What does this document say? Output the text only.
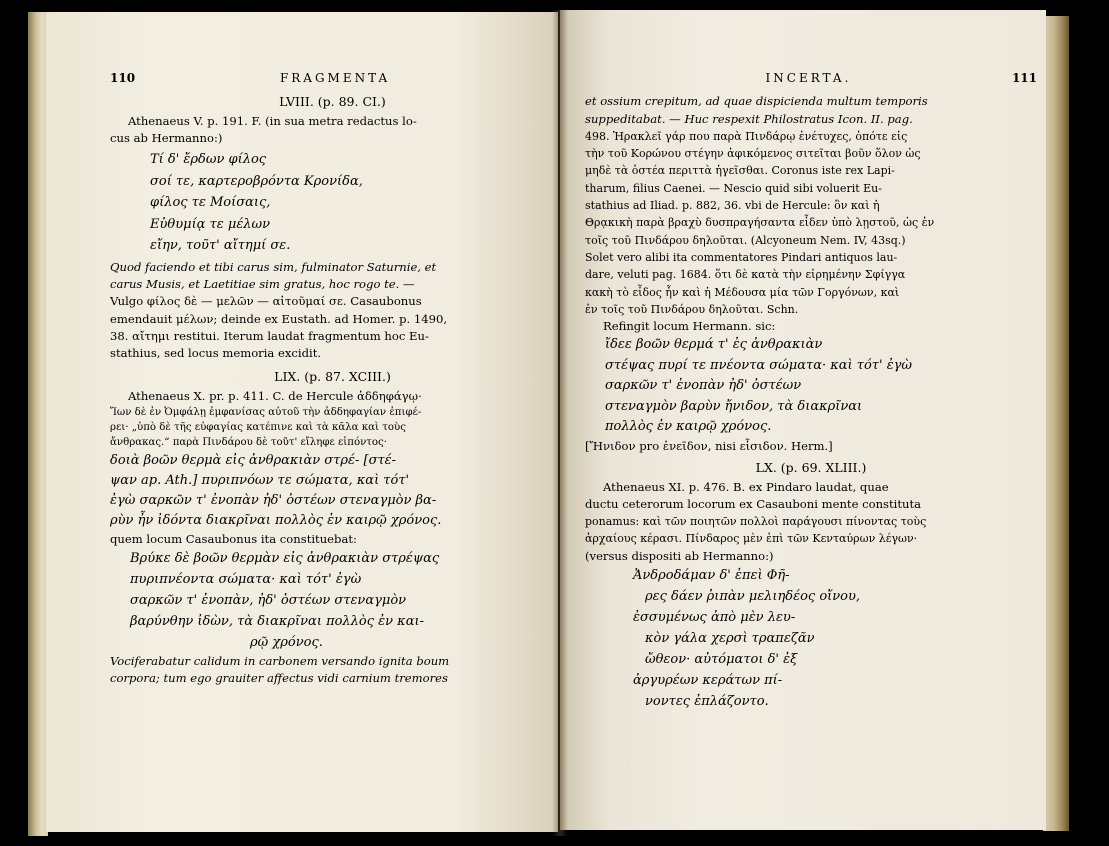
110	FRAGMENTA
LVIII. (p. 89. CI.)
Athenaeus V. p. 191. F. (in sua metra redactus lo-
cus ab Hermanno:)
Τί δ' ἔρδων φίλος
σοί τε, καρτεροβρόντα Κρονίδα,
φίλος τε Μοίσαις,
Εὐθυμίᾳ τε μέλων
εἴην, τοῦτ' αἴτημί σε.
Quod faciendo et tibi carus sim, fulminator Saturnie, et
carus Musis, et Laetitiae sim gratus, hoc rogo te. —
Vulgo φίλος δὲ — μελῶν — αἰτοῦμαί σε. Casaubonus
emendauit μέλων; deinde ex Eustath. ad Homer. p. 1490,
38. αἴτημι restitui. Iterum laudat fragmentum hoc Eu-
stathius, sed locus memoria excidit.
LIX. (p. 87. XCIII.)
Athenaeus X. pr. p. 411. C. de Hercule ἀδδηφάγῳ·
Ἴων δὲ ἐν Ὀμφάλῃ ἐμφανίσας αὐτοῦ τὴν ἀδδηφαγίαν ἐπιφέ-
ρει· „ὑπὸ δὲ τῆς εὐφαγίας κατέπινε καὶ τὰ κᾶλα καὶ τοὺς
ἄνθρακας.“ παρὰ Πινδάρου δὲ τοῦτ' εἴληφε εἰπόντος·
δοιὰ βοῶν θερμὰ εἰς ἀνθρακιὰν στρέ- [στέ-
ψαν ap. Ath.] πυριπνόων τε σώματα, καὶ τότ'
ἐγὼ σαρκῶν τ' ἐνοπὰν ἠδ' ὀστέων στεναγμὸν βα-
ρὺν ἦν ἰδόντα διακρῖναι πολλὸς ἐν καιρῷ χρόνος.
quem locum Casaubonus ita constituebat:
Βρύκε δὲ βοῶν θερμὰν εἰς ἀνθρακιὰν στρέψας
πυριπνέοντα σώματα· καὶ τότ' ἐγὼ
σαρκῶν τ' ἐνοπὰν, ἠδ' ὀστέων στεναγμὸν
βαρύνθην ἰδὼν, τὰ διακρῖναι πολλὸς ἐν και-
ρῷ χρόνος.
Vociferabatur calidum in carbonem versando ignita boum
corpora; tum ego grauiter affectus vidi carnium tremores
INCERTA.	111
et ossium crepitum, ad quae dispicienda multum temporis
suppeditabat. — Huc respexit Philostratus Icon. II. pag.
498. Ἡρακλεῖ γάρ που παρὰ Πινδάρῳ ἐνέτυχες, ὁπότε εἰς
τὴν τοῦ Κορώνου στέγην ἀφικόμενος σιτεῖται βοῦν ὅλον ὡς
μηδὲ τὰ ὀστέα περιττὰ ἡγεῖσθαι. Coronus iste rex Lapi-
tharum, filius Caenei. — Nescio quid sibi voluerit Eu-
stathius ad Iliad. p. 882, 36. vbi de Hercule: ὃν καὶ ἡ
Θρᾳκικὴ παρὰ βραχὺ δυσπραγήσαντα εἶδεν ὑπὸ λῃστοῦ, ὡς ἐν
τοῖς τοῦ Πινδάρου δηλοῦται. (Alcyoneum Nem. IV, 43sq.)
Solet vero alibi ita commentatores Pindari antiquos lau-
dare, veluti pag. 1684. ὅτι δὲ κατὰ τὴν εἰρημένην Σφίγγα
κακὴ τὸ εἶδος ἦν καὶ ἡ Μέδουσα μία τῶν Γοργόνων, καὶ
ἐν τοῖς τοῦ Πινδάρου δηλοῦται. Schn.
Refingit locum Hermann. sic:
ἴδεε βοῶν θερμά τ' ἐς ἀνθρακιὰν
στέψας πυρί τε πνέοντα σώματα· καὶ τότ' ἐγὼ
σαρκῶν τ' ἐνοπὰν ἠδ' ὀστέων
στεναγμὸν βαρὺν ἤνιδον, τὰ διακρῖναι
πολλὸς ἐν καιρῷ χρόνος.
[Ἤνιδον pro ἐνεῖδον, nisi εἶσιδον. Herm.]
LX. (p. 69. XLIII.)
Athenaeus XI. p. 476. B. ex Pindaro laudat, quae
ductu ceterorum locorum ex Casauboni mente constituta
ponamus: καὶ τῶν ποιητῶν πολλοὶ παράγουσι πίνοντας τοὺς
ἀρχαίους κέρασι. Πίνδαρος μὲν ἐπὶ τῶν Κενταύρων λέγων·
(versus dispositi ab Hermanno:)
Ἀνδροδάμαν δ' ἐπεὶ Φῆ-
ρες δάεν ῥιπὰν μελιηδέος οἴνου,
ἐσσυμένως ἀπὸ μὲν λευ-
κὸν γάλα χερσὶ τραπεζᾶν
ὤθεον· αὐτόματοι δ' ἐξ
ἀργυρέων κεράτων πί-
νοντες ἐπλάζοντο.
